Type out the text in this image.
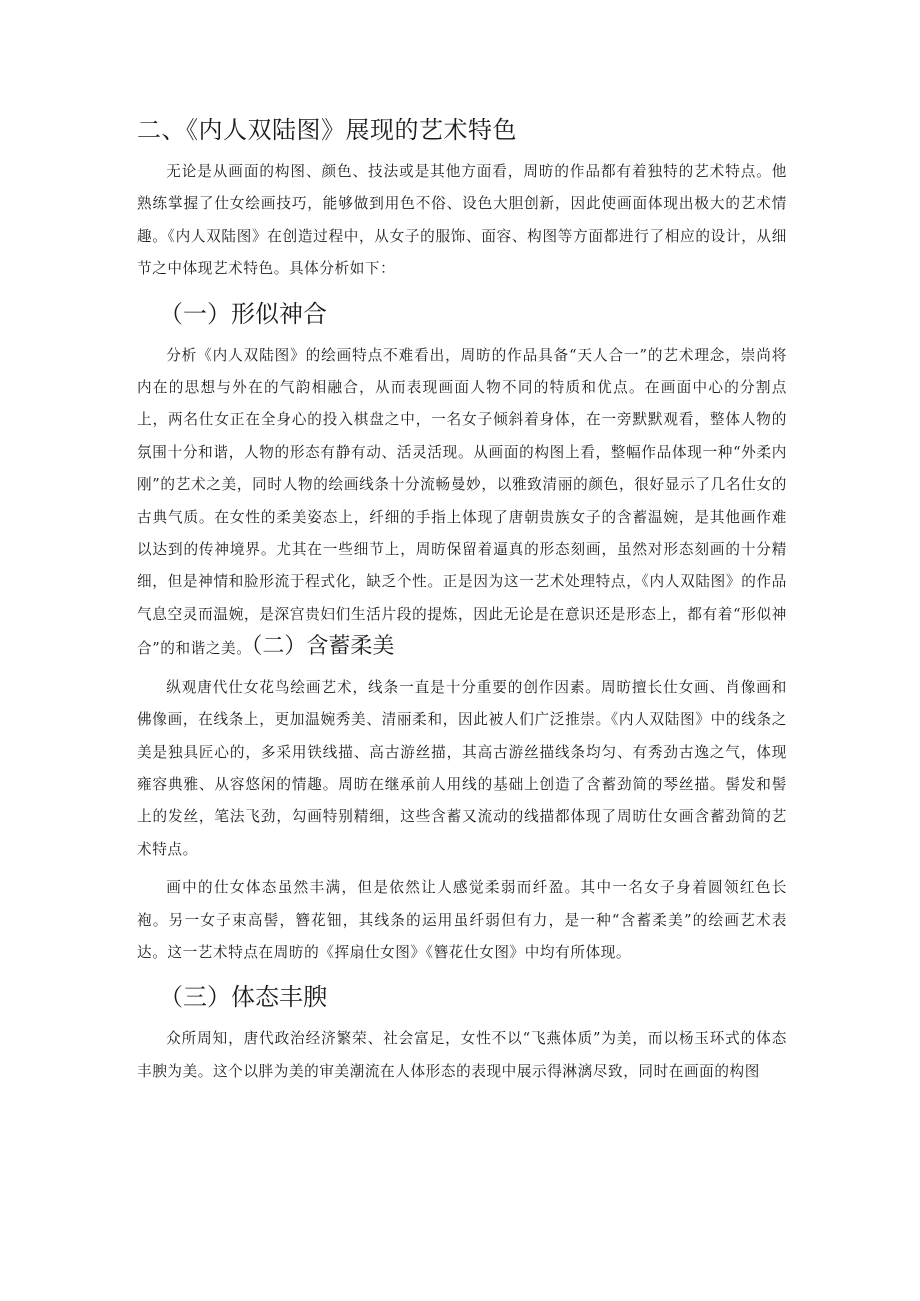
二、《内人双陆图》展现的艺术特色

无论是从画面的构图、颜色、技法或是其他方面看，周昉的作品都有着独特的艺术特点。他熟练掌握了仕女绘画技巧，能够做到用色不俗、设色大胆创新，因此使画面体现出极大的艺术情趣。《内人双陆图》在创造过程中，从女子的服饰、面容、构图等方面都进行了相应的设计，从细节之中体现艺术特色。具体分析如下：

（一）形似神合

分析《内人双陆图》的绘画特点不难看出，周昉的作品具备“天人合一”的艺术理念，崇尚将内在的思想与外在的气韵相融合，从而表现画面人物不同的特质和优点。在画面中心的分割点上，两名仕女正在全身心的投入棋盘之中，一名女子倾斜着身体，在一旁默默观看，整体人物的氛围十分和谐，人物的形态有静有动、活灵活现。从画面的构图上看，整幅作品体现一种“外柔内刚”的艺术之美，同时人物的绘画线条十分流畅曼妙，以雅致清丽的颜色，很好显示了几名仕女的古典气质。在女性的柔美姿态上，纤细的手指上体现了唐朝贵族女子的含蓄温婉，是其他画作难以达到的传神境界。尤其在一些细节上，周昉保留着逼真的形态刻画，虽然对形态刻画的十分精细，但是神情和脸形流于程式化，缺乏个性。正是因为这一艺术处理特点，《内人双陆图》的作品气息空灵而温婉，是深宫贵妇们生活片段的提炼，因此无论是在意识还是形态上，都有着“形似神合”的和谐之美。（二）含蓄柔美

纵观唐代仕女花鸟绘画艺术，线条一直是十分重要的创作因素。周昉擅长仕女画、肖像画和佛像画，在线条上，更加温婉秀美、清丽柔和，因此被人们广泛推崇。《内人双陆图》中的线条之美是独具匠心的，多采用铁线描、高古游丝描，其高古游丝描线条均匀、有秀劲古逸之气，体现雍容典雅、从容悠闲的情趣。周昉在继承前人用线的基础上创造了含蓄劲简的琴丝描。髻发和髻上的发丝，笔法飞劲，勾画特别精细，这些含蓄又流动的线描都体现了周昉仕女画含蓄劲简的艺术特点。

画中的仕女体态虽然丰满，但是依然让人感觉柔弱而纤盈。其中一名女子身着圆领红色长袍。另一女子束高髻，簪花钿，其线条的运用虽纤弱但有力，是一种“含蓄柔美”的绘画艺术表达。这一艺术特点在周昉的《挥扇仕女图》《簪花仕女图》中均有所体现。

（三）体态丰腴

众所周知，唐代政治经济繁荣、社会富足，女性不以“飞燕体质”为美，而以杨玉环式的体态丰腴为美。这个以胖为美的审美潮流在人体形态的表现中展示得淋漓尽致，同时在画面的构图
